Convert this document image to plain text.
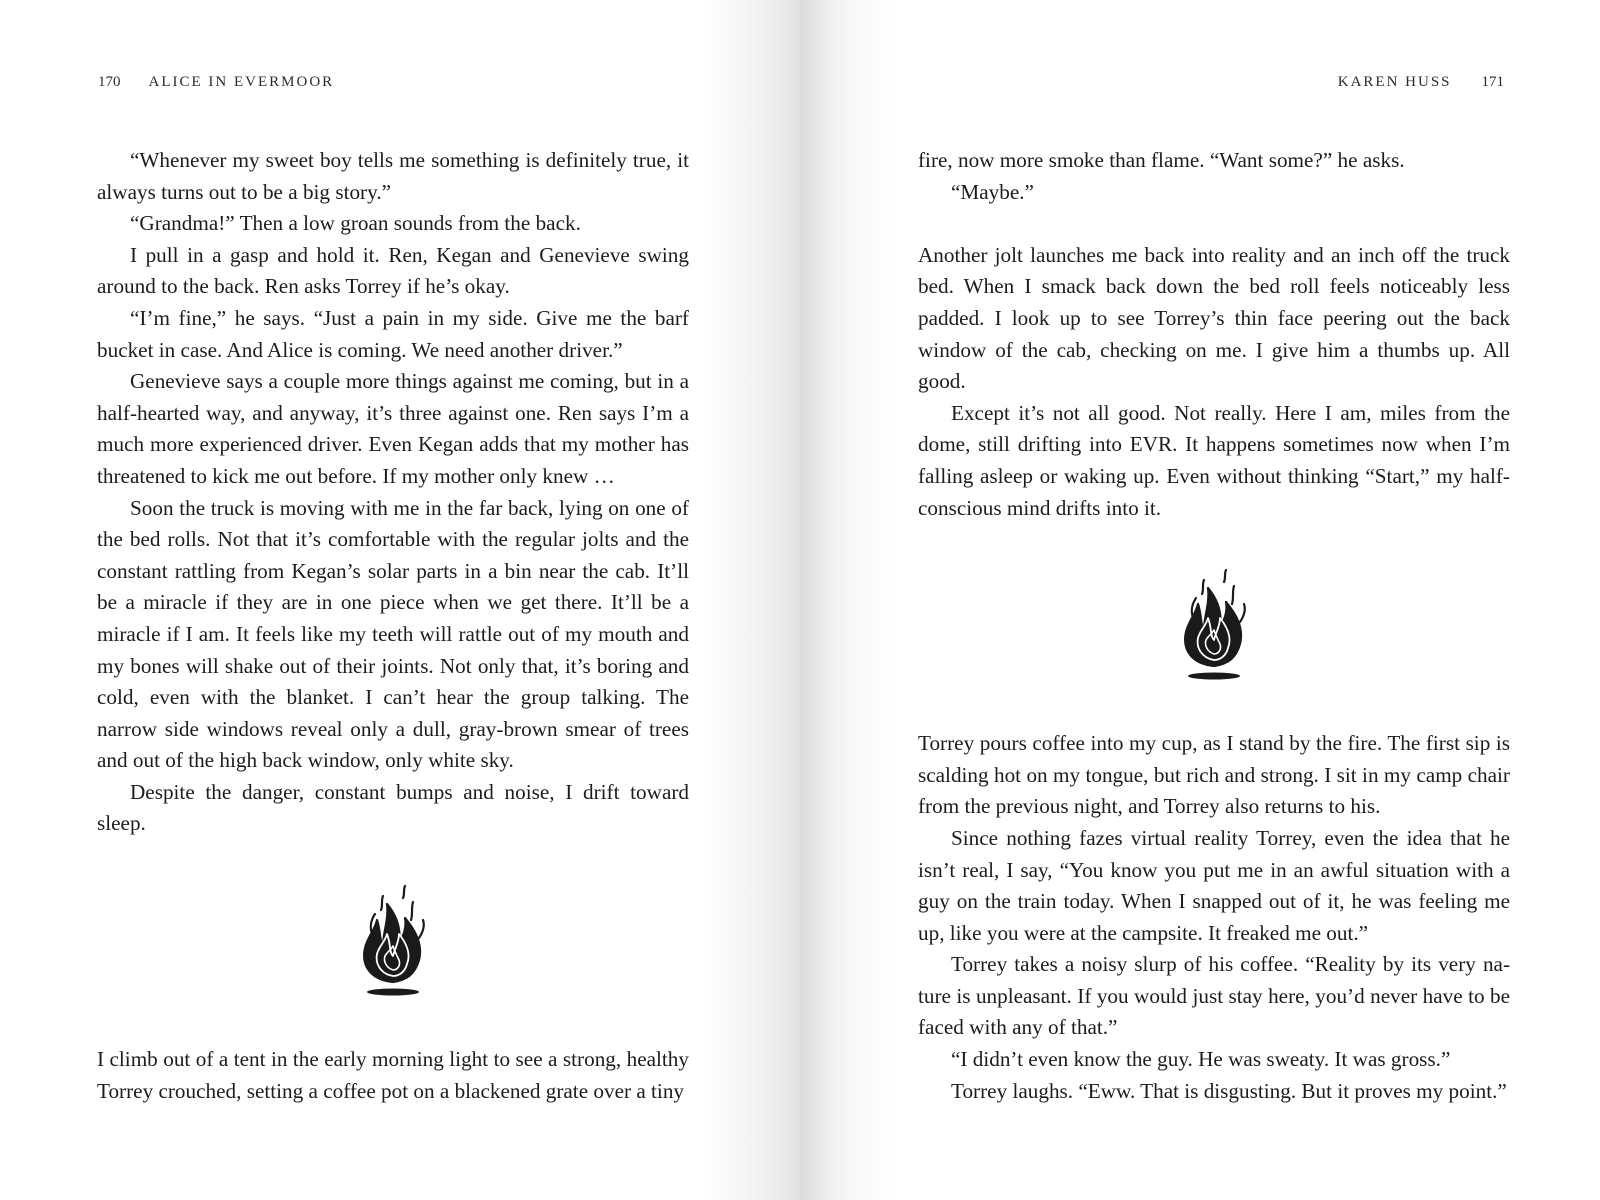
170 ALICE IN EVERMOOR

“Whenever my sweet boy tells me something is definitely true, it always turns out to be a big story.”

“Grandma!” Then a low groan sounds from the back.

I pull in a gasp and hold it. Ren, Kegan and Genevieve swing around to the back. Ren asks Torrey if he’s okay.

“I’m fine,” he says. “Just a pain in my side. Give me the barf bucket in case. And Alice is coming. We need another driver.”

Genevieve says a couple more things against me coming, but in a half-hearted way, and anyway, it’s three against one. Ren says I’m a much more experienced driver. Even Kegan adds that my mother has threatened to kick me out before. If my mother only knew …

Soon the truck is moving with me in the far back, lying on one of the bed rolls. Not that it’s comfortable with the regular jolts and the constant rattling from Kegan’s solar parts in a bin near the cab. It’ll be a miracle if they are in one piece when we get there. It’ll be a miracle if I am. It feels like my teeth will rattle out of my mouth and my bones will shake out of their joints. Not only that, it’s boring and cold, even with the blanket. I can’t hear the group talking. The narrow side windows reveal only a dull, gray-brown smear of trees and out of the high back window, only white sky.

Despite the danger, constant bumps and noise, I drift toward sleep.

I climb out of a tent in the early morning light to see a strong, healthy Torrey crouched, setting a coffee pot on a blackened grate over a tiny

KAREN HUSS 171

fire, now more smoke than flame. “Want some?” he asks.

“Maybe.”

Another jolt launches me back into reality and an inch off the truck bed. When I smack back down the bed roll feels noticeably less padded. I look up to see Torrey’s thin face peering out the back window of the cab, checking on me. I give him a thumbs up. All good.

Except it’s not all good. Not really. Here I am, miles from the dome, still drifting into EVR. It happens sometimes now when I’m falling asleep or waking up. Even without thinking “Start,” my half-conscious mind drifts into it.

Torrey pours coffee into my cup, as I stand by the fire. The first sip is scalding hot on my tongue, but rich and strong. I sit in my camp chair from the previous night, and Torrey also returns to his.

Since nothing fazes virtual reality Torrey, even the idea that he isn’t real, I say, “You know you put me in an awful situation with a guy on the train today. When I snapped out of it, he was feeling me up, like you were at the campsite. It freaked me out.”

Torrey takes a noisy slurp of his coffee. “Reality by its very nature is unpleasant. If you would just stay here, you’d never have to be faced with any of that.”

“I didn’t even know the guy. He was sweaty. It was gross.”

Torrey laughs. “Eww. That is disgusting. But it proves my point.”
